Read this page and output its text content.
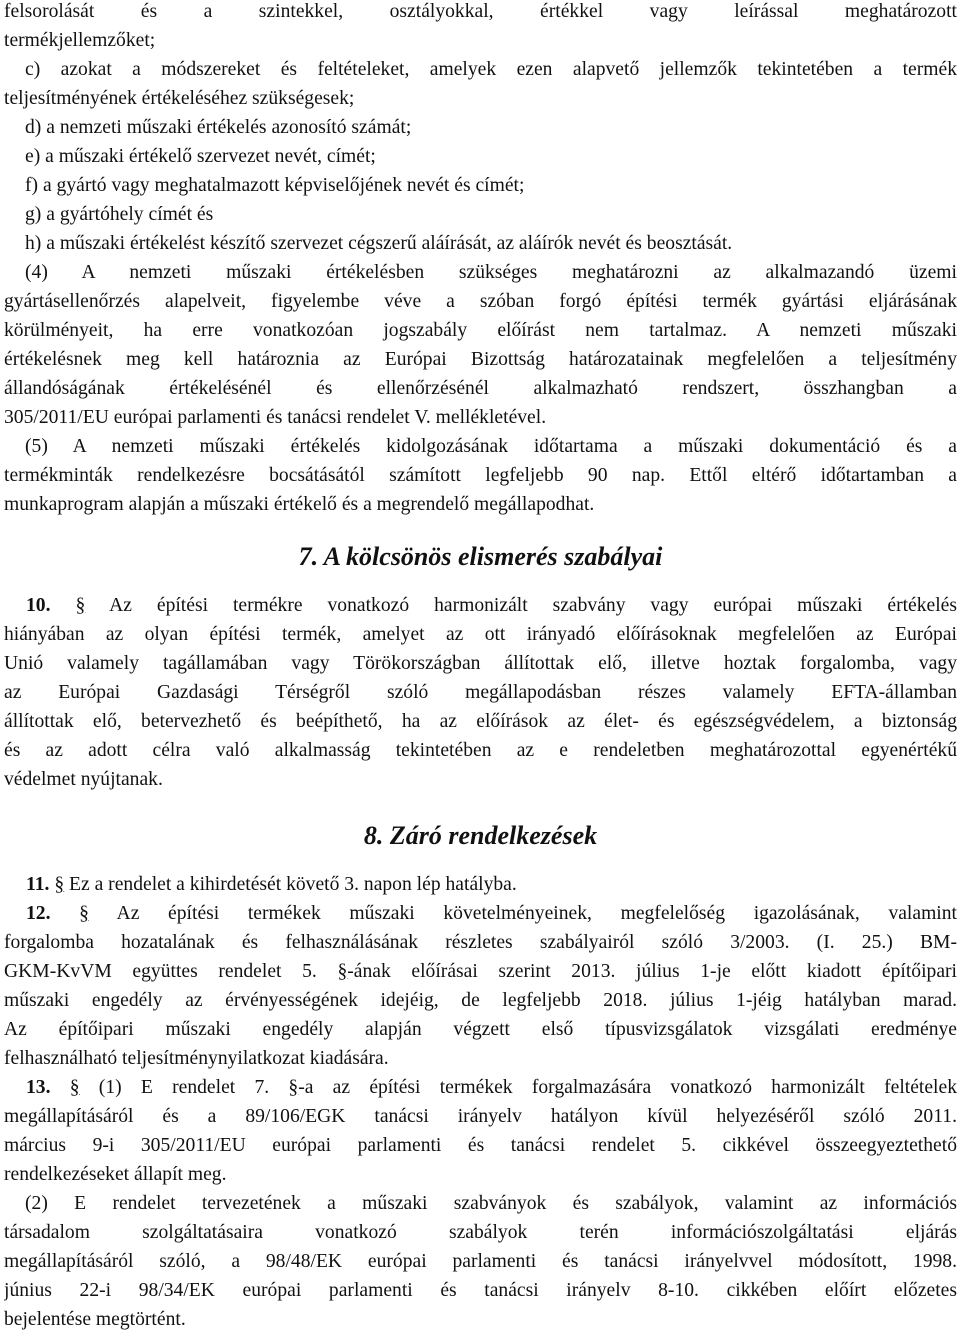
felsorolását és a szintekkel, osztályokkal, értékkel vagy leírással meghatározott
termékjellemzőket;
c) azokat a módszereket és feltételeket, amelyek ezen alapvető jellemzők tekintetében a termék
teljesítményének értékeléséhez szükségesek;
d) a nemzeti műszaki értékelés azonosító számát;
e) a műszaki értékelő szervezet nevét, címét;
f) a gyártó vagy meghatalmazott képviselőjének nevét és címét;
g) a gyártóhely címét és
h) a műszaki értékelést készítő szervezet cégszerű aláírását, az aláírók nevét és beosztását.
(4) A nemzeti műszaki értékelésben szükséges meghatározni az alkalmazandó üzemi
gyártásellenőrzés alapelveit, figyelembe véve a szóban forgó építési termék gyártási eljárásának
körülményeit, ha erre vonatkozóan jogszabály előírást nem tartalmaz. A nemzeti műszaki
értékelésnek meg kell határoznia az Európai Bizottság határozatainak megfelelően a teljesítmény
állandóságának értékelésénél és ellenőrzésénél alkalmazható rendszert, összhangban a
305/2011/EU európai parlamenti és tanácsi rendelet V. mellékletével.
(5) A nemzeti műszaki értékelés kidolgozásának időtartama a műszaki dokumentáció és a
termékminták rendelkezésre bocsátásától számított legfeljebb 90 nap. Ettől eltérő időtartamban a
munkaprogram alapján a műszaki értékelő és a megrendelő megállapodhat.
7. A kölcsönös elismerés szabályai
10. § Az építési termékre vonatkozó harmonizált szabvány vagy európai műszaki értékelés
hiányában az olyan építési termék, amelyet az ott irányadó előírásoknak megfelelően az Európai
Unió valamely tagállamában vagy Törökországban állítottak elő, illetve hoztak forgalomba, vagy
az Európai Gazdasági Térségről szóló megállapodásban részes valamely EFTA-államban
állítottak elő, betervezhető és beépíthető, ha az előírások az élet- és egészségvédelem, a biztonság
és az adott célra való alkalmasság tekintetében az e rendeletben meghatározottal egyenértékű
védelmet nyújtanak.
8. Záró rendelkezések
11. § Ez a rendelet a kihirdetését követő 3. napon lép hatályba.
12. § Az építési termékek műszaki követelményeinek, megfelelőség igazolásának, valamint
forgalomba hozatalának és felhasználásának részletes szabályairól szóló 3/2003. (I. 25.) BM-
GKM-KvVM együttes rendelet 5. §-ának előírásai szerint 2013. július 1-je előtt kiadott építőipari
műszaki engedély az érvényességének idejéig, de legfeljebb 2018. július 1-jéig hatályban marad.
Az építőipari műszaki engedély alapján végzett első típusvizsgálatok vizsgálati eredménye
felhasználható teljesítménynyilatkozat kiadására.
13. § (1) E rendelet 7. §-a az építési termékek forgalmazására vonatkozó harmonizált feltételek
megállapításáról és a 89/106/EGK tanácsi irányelv hatályon kívül helyezéséről szóló 2011.
március 9-i 305/2011/EU európai parlamenti és tanácsi rendelet 5. cikkével összeegyeztethető
rendelkezéseket állapít meg.
(2) E rendelet tervezetének a műszaki szabványok és szabályok, valamint az információs
társadalom szolgáltatásaira vonatkozó szabályok terén információszolgáltatási eljárás
megállapításáról szóló, a 98/48/EK európai parlamenti és tanácsi irányelvvel módosított, 1998.
június 22-i 98/34/EK európai parlamenti és tanácsi irányelv 8-10. cikkében előírt előzetes
bejelentése megtörtént.
